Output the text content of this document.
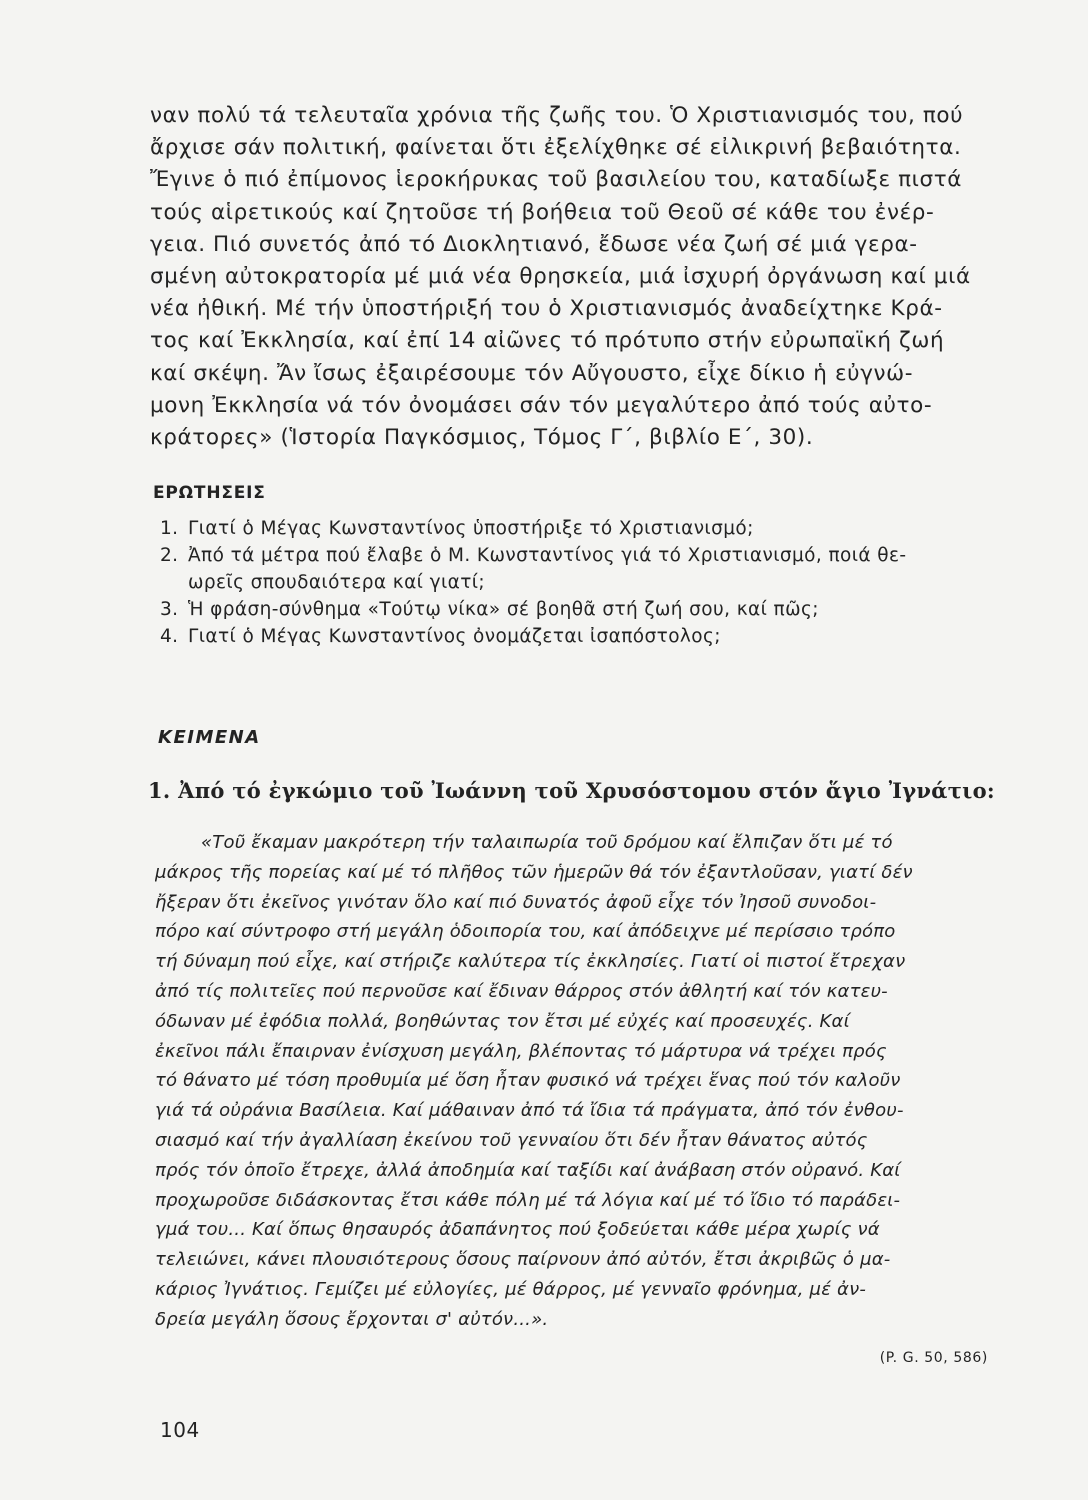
ναν πολύ τά τελευταῖα χρόνια τῆς ζωῆς του. Ὁ Χριστιανισμός του, πού
ἄρχισε σάν πολιτική, φαίνεται ὅτι ἐξελίχθηκε σέ εἰλικρινή βεβαιότητα.
Ἔγινε ὁ πιό ἐπίμονος ἱεροκήρυκας τοῦ βασιλείου του, καταδίωξε πιστά
τούς αἱρετικούς καί ζητοῦσε τή βοήθεια τοῦ Θεοῦ σέ κάθε του ἐνέρ-
γεια. Πιό συνετός ἀπό τό Διοκλητιανό, ἔδωσε νέα ζωή σέ μιά γερα-
σμένη αὐτοκρατορία μέ μιά νέα θρησκεία, μιά ἰσχυρή ὀργάνωση καί μιά
νέα ἠθική. Μέ τήν ὑποστήριξή του ὁ Χριστιανισμός ἀναδείχτηκε Κρά-
τος καί Ἐκκλησία, καί ἐπί 14 αἰῶνες τό πρότυπο στήν εὐρωπαϊκή ζωή
καί σκέψη. Ἄν ἴσως ἐξαιρέσουμε τόν Αὔγουστο, εἶχε δίκιο ἡ εὐγνώ-
μονη Ἐκκλησία νά τόν ὀνομάσει σάν τόν μεγαλύτερο ἀπό τούς αὐτο-
κράτορες» (Ἱστορία Παγκόσμιος, Τόμος Γ΄, βιβλίο Ε΄, 30).
ΕΡΩΤΗΣΕΙΣ
1. Γιατί ὁ Μέγας Κωνσταντίνος ὑποστήριξε τό Χριστιανισμό;
2. Ἀπό τά μέτρα πού ἔλαβε ὁ Μ. Κωνσταντίνος γιά τό Χριστιανισμό, ποιά θε-
ωρεῖς σπουδαιότερα καί γιατί;
3. Ἡ φράση-σύνθημα «Τούτῳ νίκα» σέ βοηθᾶ στή ζωή σου, καί πῶς;
4. Γιατί ὁ Μέγας Κωνσταντίνος ὀνομάζεται ἰσαπόστολος;
ΚΕΙΜΕΝΑ
1. Ἀπό τό ἐγκώμιο τοῦ Ἰωάννη τοῦ Χρυσόστομου στόν ἅγιο Ἰγνάτιο:
«Τοῦ ἔκαμαν μακρότερη τήν ταλαιπωρία τοῦ δρόμου καί ἔλπιζαν ὅτι μέ τό
μάκρος τῆς πορείας καί μέ τό πλῆθος τῶν ἡμερῶν θά τόν ἐξαντλοῦσαν, γιατί δέν
ἤξεραν ὅτι ἐκεῖνος γινόταν ὅλο καί πιό δυνατός ἀφοῦ εἶχε τόν Ἰησοῦ συνοδοι-
πόρο καί σύντροφο στή μεγάλη ὁδοιπορία του, καί ἀπόδειχνε μέ περίσσιο τρόπο
τή δύναμη πού εἶχε, καί στήριζε καλύτερα τίς ἐκκλησίες. Γιατί οἱ πιστοί ἔτρεχαν
ἀπό τίς πολιτεῖες πού περνοῦσε καί ἔδιναν θάρρος στόν ἀθλητή καί τόν κατευ-
όδωναν μέ ἐφόδια πολλά, βοηθώντας τον ἔτσι μέ εὐχές καί προσευχές. Καί
ἐκεῖνοι πάλι ἔπαιρναν ἐνίσχυση μεγάλη, βλέποντας τό μάρτυρα νά τρέχει πρός
τό θάνατο μέ τόση προθυμία μέ ὅση ἦταν φυσικό νά τρέχει ἕνας πού τόν καλοῦν
γιά τά οὐράνια Βασίλεια. Καί μάθαιναν ἀπό τά ἴδια τά πράγματα, ἀπό τόν ἐνθου-
σιασμό καί τήν ἀγαλλίαση ἐκείνου τοῦ γενναίου ὅτι δέν ἦταν θάνατος αὐτός
πρός τόν ὁποῖο ἔτρεχε, ἀλλά ἀποδημία καί ταξίδι καί ἀνάβαση στόν οὐρανό. Καί
προχωροῦσε διδάσκοντας ἔτσι κάθε πόλη μέ τά λόγια καί μέ τό ἴδιο τό παράδει-
γμά του... Καί ὅπως θησαυρός ἀδαπάνητος πού ξοδεύεται κάθε μέρα χωρίς νά
τελειώνει, κάνει πλουσιότερους ὅσους παίρνουν ἀπό αὐτόν, ἔτσι ἀκριβῶς ὁ μα-
κάριος Ἰγνάτιος. Γεμίζει μέ εὐλογίες, μέ θάρρος, μέ γενναῖο φρόνημα, μέ ἀν-
δρεία μεγάλη ὅσους ἔρχονται σ' αὐτόν...».

(P. G. 50, 586)

104
